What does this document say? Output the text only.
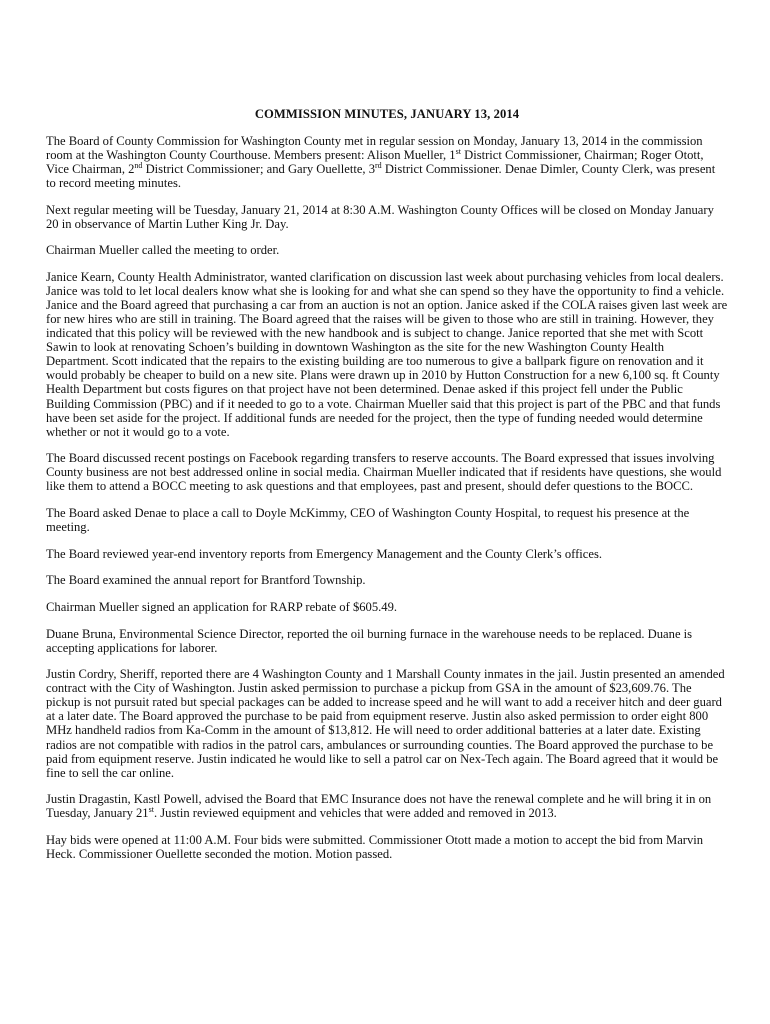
COMMISSION MINUTES, JANUARY 13, 2014

The Board of County Commission for Washington County met in regular session on Monday, January 13, 2014 in the commission room at the Washington County Courthouse. Members present: Alison Mueller, 1st District Commissioner, Chairman; Roger Otott, Vice Chairman, 2nd District Commissioner; and Gary Ouellette, 3rd District Commissioner. Denae Dimler, County Clerk, was present to record meeting minutes.

Next regular meeting will be Tuesday, January 21, 2014 at 8:30 A.M. Washington County Offices will be closed on Monday January 20 in observance of Martin Luther King Jr. Day.

Chairman Mueller called the meeting to order.

Janice Kearn, County Health Administrator, wanted clarification on discussion last week about purchasing vehicles from local dealers. Janice was told to let local dealers know what she is looking for and what she can spend so they have the opportunity to find a vehicle. Janice and the Board agreed that purchasing a car from an auction is not an option. Janice asked if the COLA raises given last week are for new hires who are still in training. The Board agreed that the raises will be given to those who are still in training. However, they indicated that this policy will be reviewed with the new handbook and is subject to change. Janice reported that she met with Scott Sawin to look at renovating Schoen’s building in downtown Washington as the site for the new Washington County Health Department. Scott indicated that the repairs to the existing building are too numerous to give a ballpark figure on renovation and it would probably be cheaper to build on a new site. Plans were drawn up in 2010 by Hutton Construction for a new 6,100 sq. ft County Health Department but costs figures on that project have not been determined. Denae asked if this project fell under the Public Building Commission (PBC) and if it needed to go to a vote. Chairman Mueller said that this project is part of the PBC and that funds have been set aside for the project. If additional funds are needed for the project, then the type of funding needed would determine whether or not it would go to a vote.

The Board discussed recent postings on Facebook regarding transfers to reserve accounts. The Board expressed that issues involving County business are not best addressed online in social media. Chairman Mueller indicated that if residents have questions, she would like them to attend a BOCC meeting to ask questions and that employees, past and present, should defer questions to the BOCC.

The Board asked Denae to place a call to Doyle McKimmy, CEO of Washington County Hospital, to request his presence at the meeting.

The Board reviewed year-end inventory reports from Emergency Management and the County Clerk’s offices.

The Board examined the annual report for Brantford Township.

Chairman Mueller signed an application for RARP rebate of $605.49.

Duane Bruna, Environmental Science Director, reported the oil burning furnace in the warehouse needs to be replaced. Duane is accepting applications for laborer.

Justin Cordry, Sheriff, reported there are 4 Washington County and 1 Marshall County inmates in the jail. Justin presented an amended contract with the City of Washington. Justin asked permission to purchase a pickup from GSA in the amount of $23,609.76. The pickup is not pursuit rated but special packages can be added to increase speed and he will want to add a receiver hitch and deer guard at a later date. The Board approved the purchase to be paid from equipment reserve. Justin also asked permission to order eight 800 MHz handheld radios from Ka-Comm in the amount of $13,812. He will need to order additional batteries at a later date. Existing radios are not compatible with radios in the patrol cars, ambulances or surrounding counties. The Board approved the purchase to be paid from equipment reserve. Justin indicated he would like to sell a patrol car on Nex-Tech again. The Board agreed that it would be fine to sell the car online.

Justin Dragastin, Kastl Powell, advised the Board that EMC Insurance does not have the renewal complete and he will bring it in on Tuesday, January 21st. Justin reviewed equipment and vehicles that were added and removed in 2013.

Hay bids were opened at 11:00 A.M. Four bids were submitted. Commissioner Otott made a motion to accept the bid from Marvin Heck. Commissioner Ouellette seconded the motion. Motion passed.
